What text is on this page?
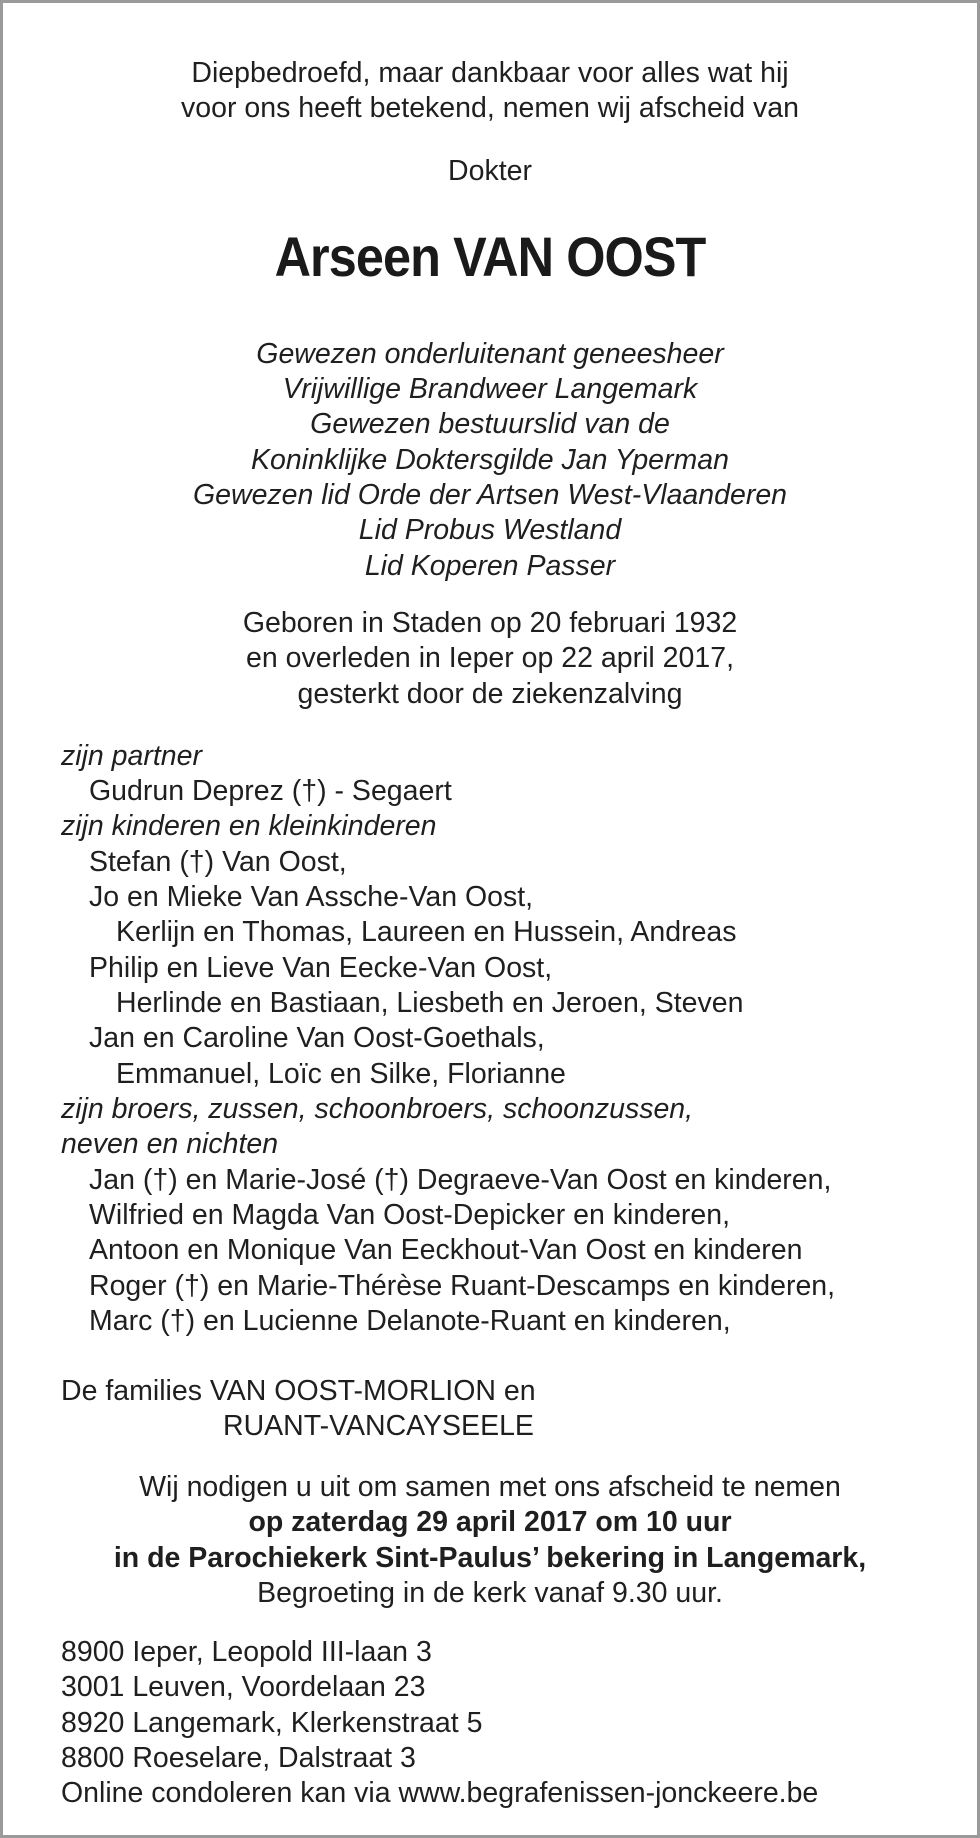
Diepbedroefd, maar dankbaar voor alles wat hij
voor ons heeft betekend, nemen wij afscheid van
Dokter
Arseen VAN OOST
Gewezen onderluitenant geneesheer
Vrijwillige Brandweer Langemark
Gewezen bestuurslid van de
Koninklijke Doktersgilde Jan Yperman
Gewezen lid Orde der Artsen West-Vlaanderen
Lid Probus Westland
Lid Koperen Passer
Geboren in Staden op 20 februari 1932
en overleden in Ieper op 22 april 2017,
gesterkt door de ziekenzalving
zijn partner
Gudrun Deprez (†) - Segaert
zijn kinderen en kleinkinderen
Stefan (†) Van Oost,
Jo en Mieke Van Assche-Van Oost,
Kerlijn en Thomas, Laureen en Hussein, Andreas
Philip en Lieve Van Eecke-Van Oost,
Herlinde en Bastiaan, Liesbeth en Jeroen, Steven
Jan en Caroline Van Oost-Goethals,
Emmanuel, Loïc en Silke, Florianne
zijn broers, zussen, schoonbroers, schoonzussen,
neven en nichten
Jan (†) en Marie-José (†) Degraeve-Van Oost en kinderen,
Wilfried en Magda Van Oost-Depicker en kinderen,
Antoon en Monique Van Eeckhout-Van Oost en kinderen
Roger (†) en Marie-Thérèse Ruant-Descamps en kinderen,
Marc (†) en Lucienne Delanote-Ruant en kinderen,
De families VAN OOST-MORLION en
RUANT-VANCAYSEELE
Wij nodigen u uit om samen met ons afscheid te nemen
op zaterdag 29 april 2017 om 10 uur
in de Parochiekerk Sint-Paulus’ bekering in Langemark,
Begroeting in de kerk vanaf 9.30 uur.
8900 Ieper, Leopold III-laan 3
3001 Leuven, Voordelaan 23
8920 Langemark, Klerkenstraat 5
8800 Roeselare, Dalstraat 3
Online condoleren kan via www.begrafenissen-jonckeere.be
